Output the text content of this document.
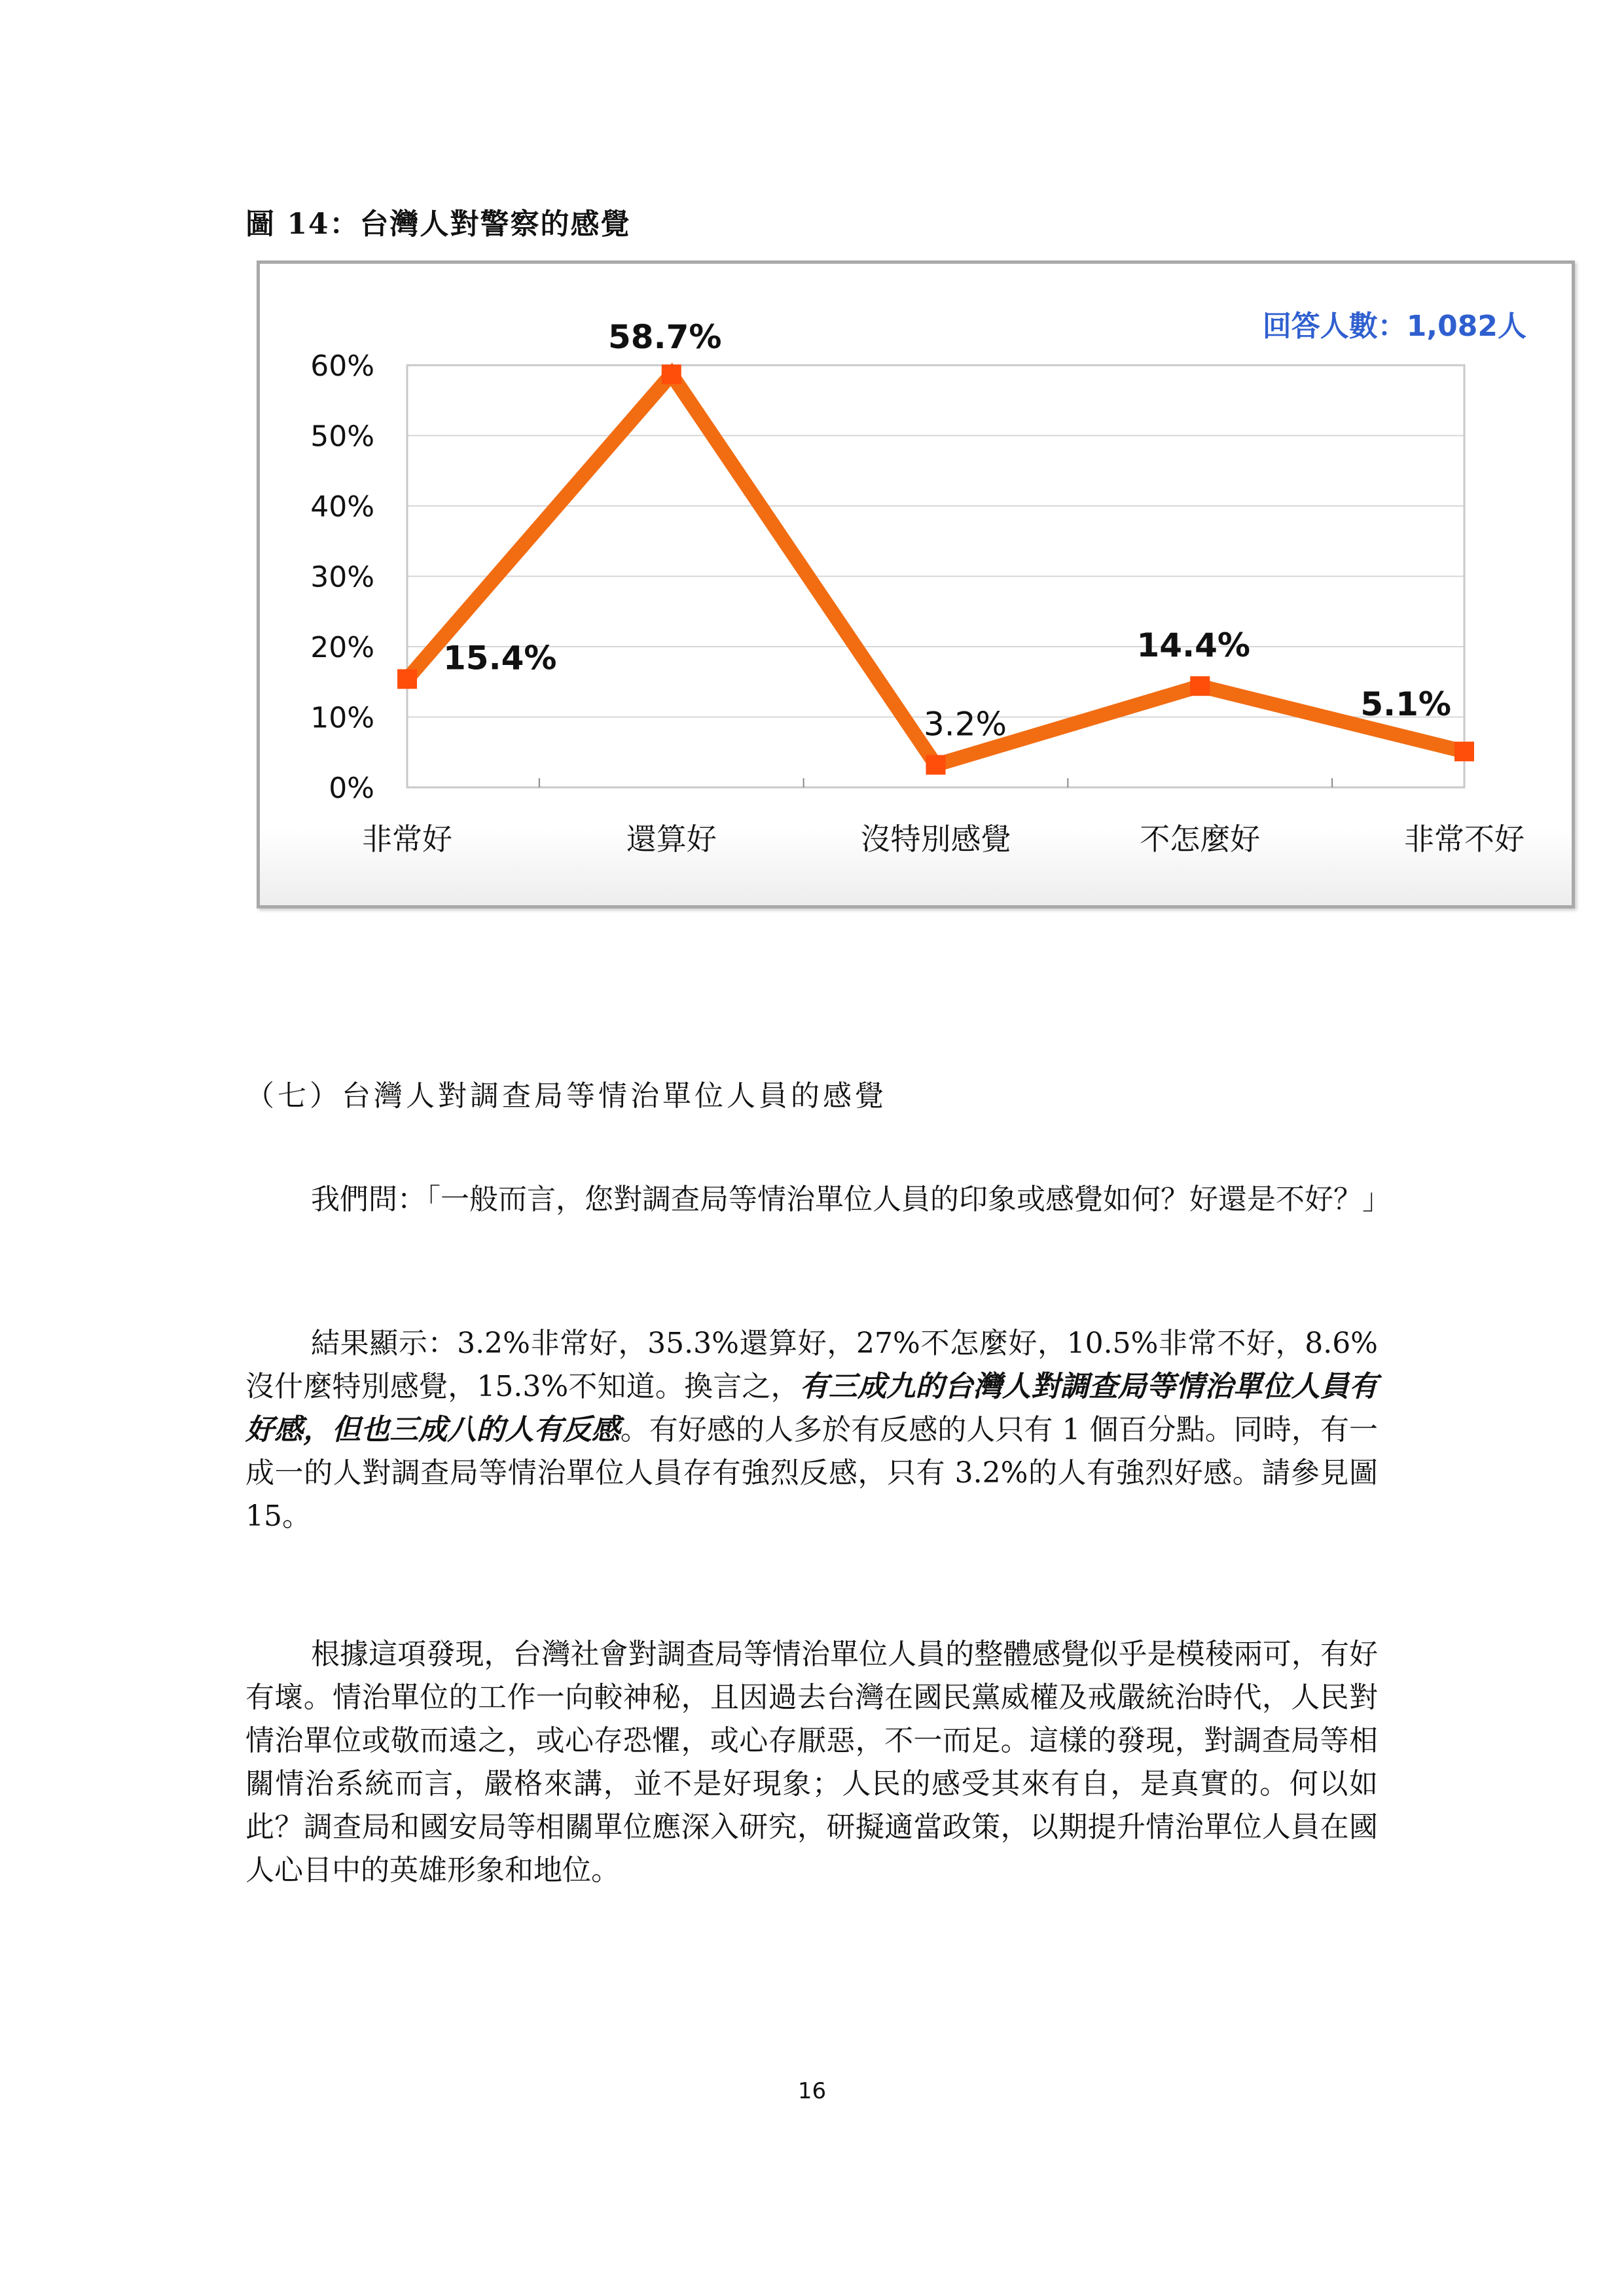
圖 14：台灣人對警察的感覺
0%
10%
20%
30%
40%
50%
60%
非常好	還算好	沒特別感覺	不怎麼好	非常不好
15.4%
58.7%
3.2%
14.4%
5.1%
回答人數：1,082人
（七）台灣人對調查局等情治單位人員的感覺

我們問：「一般而言，您對調查局等情治單位人員的印象或感覺如何？好還是不好？」

結果顯示：3.2%非常好，35.3%還算好，27%不怎麼好，10.5%非常不好，8.6%沒什麼特別感覺，15.3%不知道。換言之，有三成九的台灣人對調查局等情治單位人員有好感，但也三成八的人有反感。有好感的人多於有反感的人只有 1 個百分點。同時，有一成一的人對調查局等情治單位人員存有強烈反感，只有 3.2%的人有強烈好感。請參見圖 15。

根據這項發現，台灣社會對調查局等情治單位人員的整體感覺似乎是模稜兩可，有好有壞。情治單位的工作一向較神秘，且因過去台灣在國民黨威權及戒嚴統治時代，人民對情治單位或敬而遠之，或心存恐懼，或心存厭惡，不一而足。這樣的發現，對調查局等相關情治系統而言，嚴格來講，並不是好現象；人民的感受其來有自，是真實的。何以如此？調查局和國安局等相關單位應深入研究，研擬適當政策，以期提升情治單位人員在國人心目中的英雄形象和地位。

16
